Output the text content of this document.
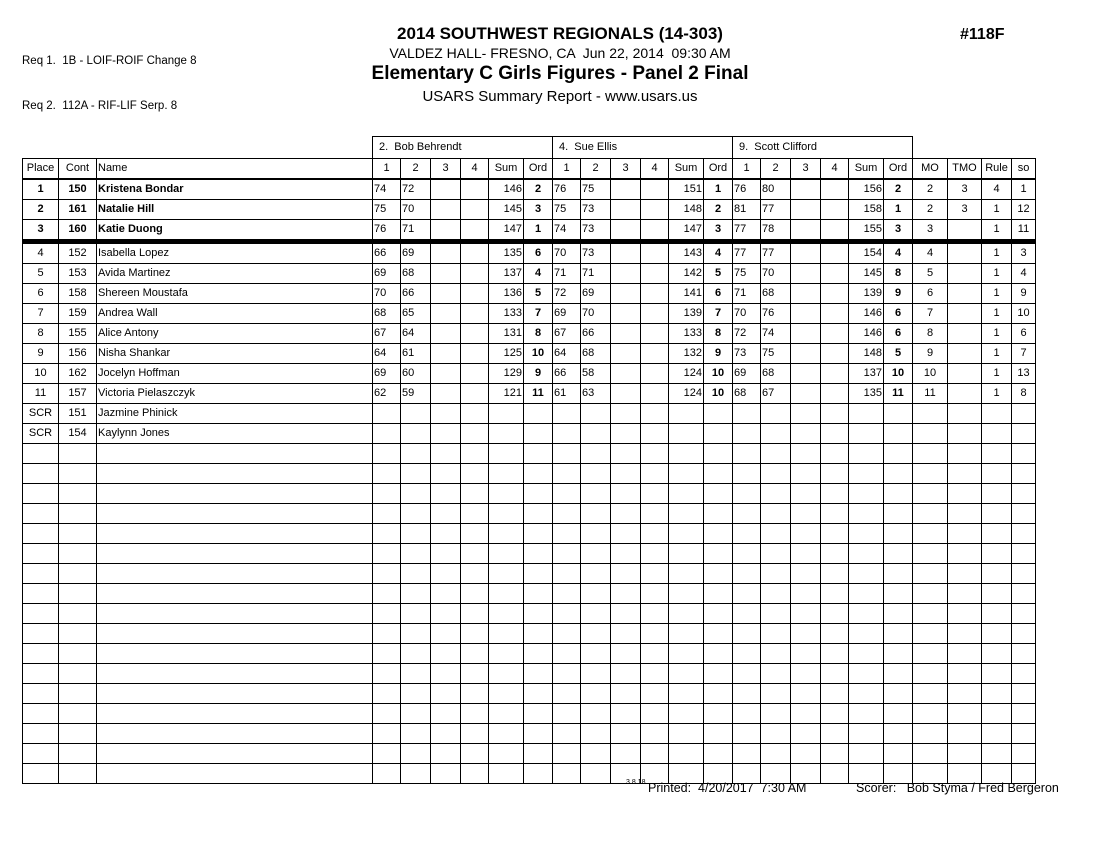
Req 1.  1B - LOIF-ROIF Change 8

Req 2.  112A - RIF-LIF Serp. 8

2014 SOUTHWEST REGIONALS (14-303)
VALDEZ HALL- FRESNO, CA  Jun 22, 2014  09:30 AM
Elementary C Girls Figures - Panel 2 Final
USARS Summary Report - www.usars.us
#118F
2.  Bob Behrendt	4.  Sue Ellis	9.  Scott Clifford
Place	Cont	Name	1	2	3	4	Sum	Ord	1	2	3	4	Sum	Ord	1	2	3	4	Sum	Ord	MO	TMO	Rule	so
1	150	Kristena Bondar	74	72			146	2	76	75			151	1	76	80			156	2	2	3	4	1
2	161	Natalie Hill	75	70			145	3	75	73			148	2	81	77			158	1	2	3	1	12
3	160	Katie Duong	76	71			147	1	74	73			147	3	77	78			155	3	3		1	11
4	152	Isabella Lopez	66	69			135	6	70	73			143	4	77	77			154	4	4		1	3
5	153	Avida Martinez	69	68			137	4	71	71			142	5	75	70			145	8	5		1	4
6	158	Shereen Moustafa	70	66			136	5	72	69			141	6	71	68			139	9	6		1	9
7	159	Andrea Wall	68	65			133	7	69	70			139	7	70	76			146	6	7		1	10
8	155	Alice Antony	67	64			131	8	67	66			133	8	72	74			146	6	8		1	6
9	156	Nisha Shankar	64	61			125	10	64	68			132	9	73	75			148	5	9		1	7
10	162	Jocelyn Hoffman	69	60			129	9	66	58			124	10	69	68			137	10	10		1	13
11	157	Victoria Pielaszczyk	62	59			121	11	61	63			124	10	68	67			135	11	11		1	8
SCR	151	Jazmine Phinick																						
SCR	154	Kaylynn Jones																						

3.8.18 Printed:  4/20/2017  7:30 AM	Scorer:   Bob Styma / Fred Bergeron
